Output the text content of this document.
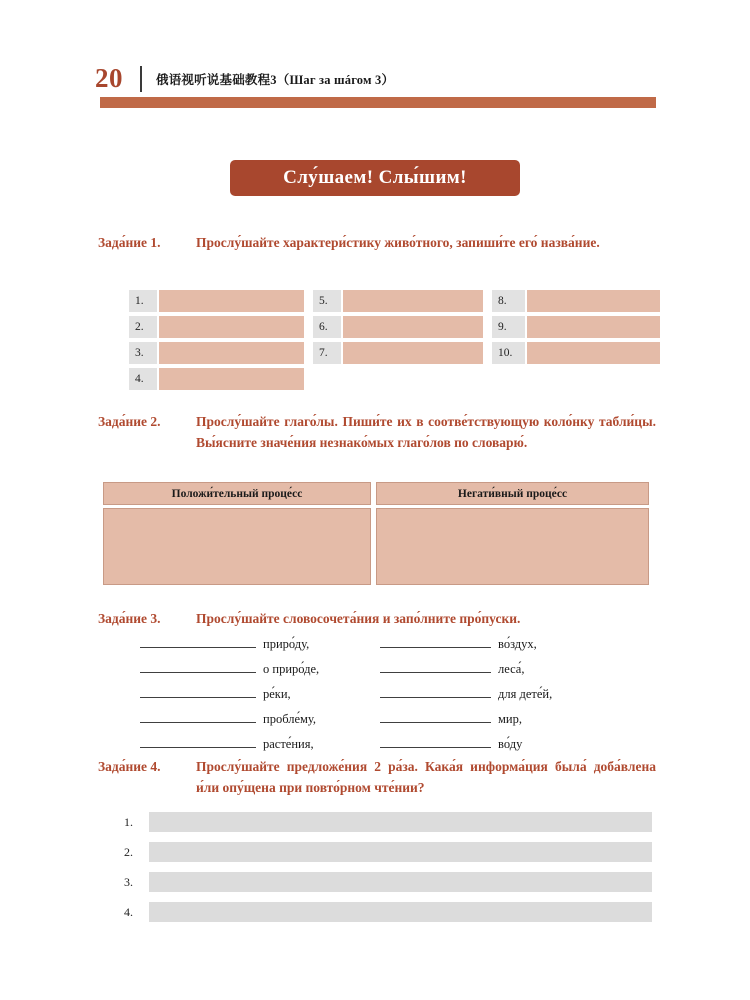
20	俄语视听说基础教程3（Шаг за шáгом 3）
Слу́шаем! Слы́шим!
Зада́ние 1.	Прослу́шайте характери́стику живо́тного, запиши́те его́ назва́ние.
1.	5.	8.
2.	6.	9.
3.	7.	10.
4.
Зада́ние 2.	Прослу́шайте глаго́лы. Пиши́те их в соотве́тствующую коло́нку табли́цы. Вы́ясните значе́ния незнако́мых глаго́лов по словарю́.
Положи́тельный проце́сс	Негати́вный проце́сс
Зада́ние 3.	Прослу́шайте словосочета́ния и запо́лните про́пуски.
приро́ду,	во́здух,
о приро́де,	леса́,
ре́ки,	для дете́й,
пробле́му,	мир,
расте́ния,	во́ду
Зада́ние 4.	Прослу́шайте предложе́ния 2 ра́за. Кака́я информа́ция была́ доба́влена и́ли опу́щена при повто́рном чте́нии?
1.
2.
3.
4.
